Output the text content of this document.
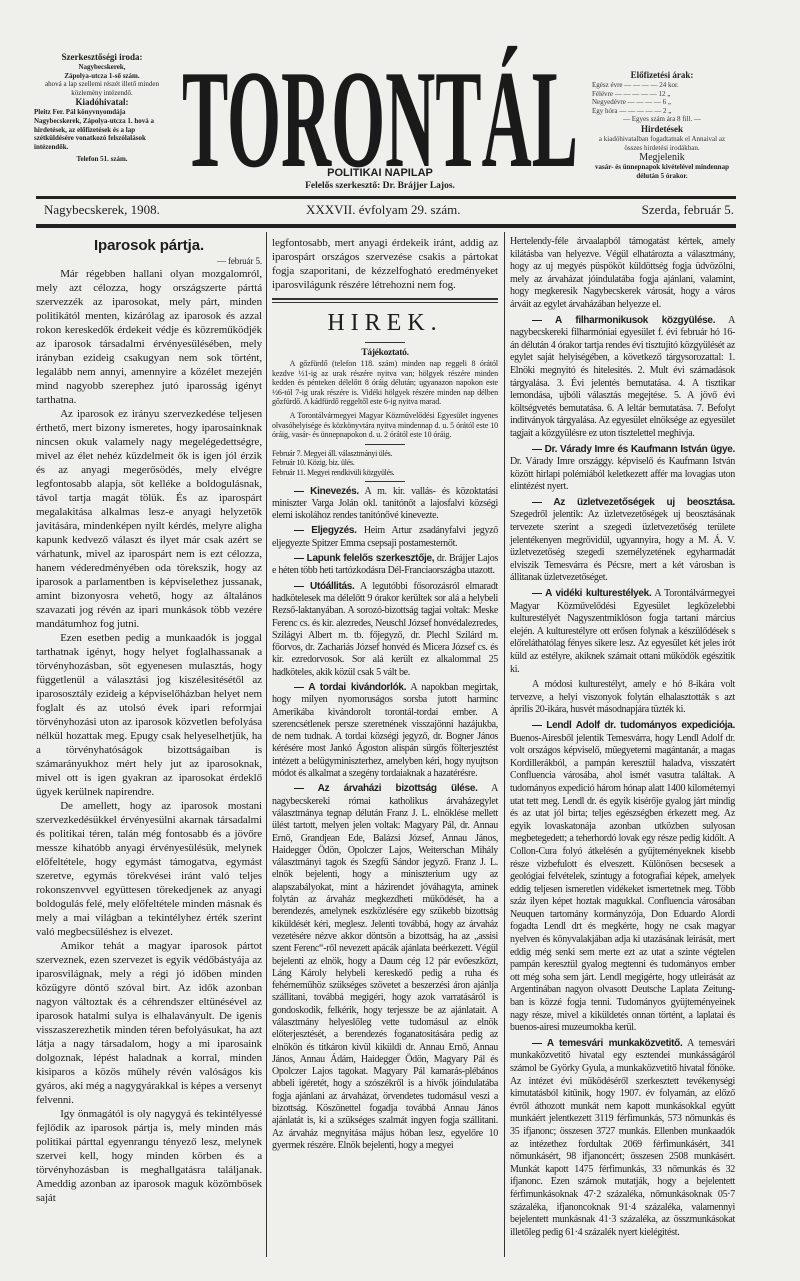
Szerkesztőségi iroda:
Nagybecskerek,
Zápolya-utcza 1-ső szám.
ahová a lap szellemi részét illető minden közlemény intézendő.
Kiadóhivatal:
Pleitz Fer. Pál könyvnyomdája Nagybecskerek, Zápolya-utcza 1. hová a hirdetések, az előfizetések és a lap szétküldésére vonatkozó felszólalások intézendők.
Telefon 51. szám. TORONTÁL
POLITIKAI NAPILAP
Felelős szerkesztő: Dr. Brájjer Lajos.
Előfizetési árak:
Egész évre — — — — 24 kor.
Félévre — — — — — 12 „
Negyedévre — — — — 6 „
Egy hóra — — — — — 2 „
— Egyes szám ára 8 fill. —
Hirdetések
a kiadóhivatalban fogadtatnak el Annaival az összes hirdetési irodákban.
Megjelenik
vasár- és ünnepnapok kivételével mindennap délután 5 órakor.
Nagybecskerek, 1908.	XXXVII. évfolyam 29. szám.	Szerda, február 5.
Iparosok pártja.
— február 5.

Már régebben hallani olyan mozgalomról, mely azt célozza, hogy országszerte párttá szervezzék az iparosokat, mely párt, minden politikától menten, kizárólag az iparosok és azzal rokon kereskedők érdekeit védje és közreműködjék az iparosok társadalmi érvényesülésében, mely irányban ezideig csakugyan nem sok történt, legalább nem annyi, amennyire a közélet mezején mind nagyobb szerephez jutó iparosság igényt tarthatna.

Az iparosok ez irányu szervezkedése teljesen érthető, mert bizony ismeretes, hogy iparosainknak nincsen okuk valamely nagy megelégedettségre, mivel az élet nehéz küzdelmeit ők is igen jól érzik és az anyagi megerősödés, mely elvégre legfontosabb alapja, söt kelléke a boldogulásnak, távol tartja magát tölük. És az iparospárt megalakitása alkalmas lesz-e anyagi helyzetök javitására, mindenképen nyilt kérdés, melyre aligha kapunk kedvező választ és ilyet már csak azért se várhatunk, mivel az iparospárt nem is ezt célozza, hanem véderedményében oda törekszik, hogy az iparosok a parlamentben is képviselethez jussanak, amint bizonyosra vehető, hogy az általános szavazati jog révén az ipari munkások több vezére mandátumhoz fog jutni.

Ezen esetben pedig a munkaadók is joggal tarthatnak igényt, hogy helyet foglalhassanak a törvényhozásban, söt egyenesen mulasztás, hogy függetlenül a választási jog kiszélesitésétől az iparososztály ezideig a képviselőházban helyet nem foglalt és az utolsó évek ipari reformjai törvényhozási uton az iparosok közvetlen befolyása nélkül hozattak meg. Epugy csak helyeselhetjük, ha a törvényhatóságok bizottságaiban is számarányukhoz mért hely jut az iparosoknak, mivel ott is igen gyakran az iparosokat érdeklő ügyek kerülnek napirendre.

De amellett, hogy az iparosok mostani szervezkedésükkel érvényesülni akarnak társadalmi és politikai téren, talán még fontosabb és a jövőre messze kihatóbb anyagi érvényesülésük, melynek előfeltétele, hogy egymást támogatva, egymást szeretve, egymás törekvései iránt való teljes rokonszenvvel együttesen törekedjenek az anyagi boldogulás felé, mely előfeltétele minden másnak és mely a mai világban a tekintélyhez érték szerint való megbecsüléshez is elvezet.

Amikor tehát a magyar iparosok pártot szerveznek, ezen szervezet is egyik védőbástyája az iparosvilágnak, mely a régi jó időben minden közügyre döntő szóval birt. Az idők azonban nagyon változtak és a céhrendszer eltünésével az iparosok hatalmi sulya is elhalaványult. De igenis visszaszerezhetik minden téren befolyásukat, ha azt látja a nagy társadalom, hogy a mi iparosaink dolgoznak, lépést haladnak a korral, minden kisiparos a közös műhely révén valóságos kis gyáros, aki még a nagygyárakkal is képes a versenyt felvenni.

Igy önmagától is oly nagygyá és tekintélyessé fejlődik az iparosok pártja is, mely minden más politikai párttal egyenrangu tényező lesz, melynek szervei kell, hogy minden körben és a törvényhozásban is meghallgatásra találjanak. Ameddig azonban az iparosok maguk közömbösek saját

legfontosabb, mert anyagi érdekeik iránt, addig az iparospárt országos szervezése csakis a pártokat fogja szaporitani, de kézzelfogható eredményeket iparosvilágunk részére létrehozni nem fog.

HIREK.
Tájékoztató.

A gőzfürdő (telefon 118. szám) minden nap reggeli 8 órától kezdve ½1-ig az urak részére nyitva van; hölgyek részére minden kedden és pénteken délelőtt 8 óráig délután; ugyanazon napokon este ½6-tól 7-ig urak részére is. Vidéki hölgyek részére minden nap délben gőzfürdő. A kádfürdő reggeltől este 6-ig nyitva marad.

A Torontálvármegyei Magyar Közművelődési Egyesület ingyenes olvasóhelyisége és közkönyvtára nyitva mindennap d. u. 5 órától este 10 óráig, vasár- és ünnepnapokon d. u. 2 órától este 10 óráig.

Február 7. Megyei áll. választmányi ülés.
Február 10. Közig. biz. ülés.
Február 11. Megyei rendkivüli közgyülés.

— Kinevezés. A m. kir. vallás- és közoktatási miniszter Varga Jolán okl. tanitónőt a lajosfalvi községi elemi iskolához rendes tanitónővé kinevezte.

— Eljegyzés. Heim Artur zsadányfalvi jegyző eljegyezte Spitzer Emma csepsaji postamesternőt.

— Lapunk felelős szerkesztője, dr. Brájjer Lajos e héten több heti tartózkodásra Dél-Franciaországba utazott.

— Utóállitás. A legutóbbi fősorozásról elmaradt hadkötelesek ma délelőtt 9 órakor kerültek sor alá a helybeli Rezső-laktanyában. A sorozó-bizottság tagjai voltak: Meske Ferenc cs. és kir. alezredes, Neuschl József honvédalezredes, Szilágyi Albert m. tb. főjegyző, dr. Plechl Szilárd m. főorvos, dr. Zachariás József honvéd és Micera József cs. és kir. ezredorvosok. Sor alá került ez alkalommal 25 hadköteles, akik közül csak 5 vált be.

— A tordai kivándorlók. A napokban megirtak, hogy milyen nyomoruságos sorsba jutott harminc Amerikába kivándorolt torontál-tordai ember. A szerencsétlenek persze szeretnének visszajönni hazájukba, de nem tudnak. A tordai községi jegyző, dr. Bogner János kérésére most Jankó Ágoston alispán sürgős fölterjesztést intézett a belügyminiszterhez, amelyben kéri, hogy nyujtson módot és alkalmat a szegény tordaiaknak a hazatérésre.

— Az árvaházi bizottság ülése. A nagybecskereki római katholikus árvaházegylet választmánya tegnap délután Franz J. L. elnöklése mellett ülést tartott, melyen jelen voltak: Magyary Pál, dr. Annau Ernő, Grandjean Ede, Balázsi József, Annau János, Haidegger Ödön, Opolczer Lajos, Weiterschan Mihály választmányi tagok és Szegfű Sándor jegyző. Franz J. L. elnök bejelenti, hogy a miniszterium ugy az alapszabályokat, mint a házirendet jóváhagyta, aminek folytán az árvaház megkezdheti működését, ha a berendezés, amelynek eszközlésére egy szükebb bizottság kiküldését kéri, meglesz. Jelenti továbbá, hogy az árvaház vezetésére nézve akkor döntsön a bizottság, ha az „assisi szent Ferenc“-ről nevezett apácák ajánlata beérkezett. Végül bejelenti az elnök, hogy a Daum cég 12 pár evőeszközt, Láng Károly helybeli kereskedő pedig a ruha és fehérneműhöz szükséges szövetet a beszerzési áron ajánlja szállitani, továbbá megigéri, hogy azok varratásáról is gondoskodik, felkérik, hogy terjessze be az ajánlatait. A választmány helyeslőleg vette tudomásul az elnök előterjesztését, a berendezés foganatositására pedig az elnökön és titkáron kivül kiküldi dr. Annau Ernő, Annau János, Annau Ádám, Haidegger Ödön, Magyary Pál és Opolczer Lajos tagokat. Magyary Pál kamarás-plébános abbeli igéretét, hogy a szószékről is a hivők jóindulatába fogja ajánlani az árvaházat, örvendetes tudomásul veszi a bizottság. Köszönettel fogadja továbbá Annau János ajánlatát is, ki a szükséges szalmát ingyen fogja szállitani. Az árvaház megnyitása május hóban lesz, egyelőre 10 gyermek részére. Elnök bejelenti, hogy a megyei

Hertelendy-féle árvaalapból támogatást kértek, amely kilátásba van helyezve. Végül elhatározta a választmány, hogy az uj megyés püspököt küldöttség fogja üdvözölni, mely az árvaházat jóindulatába fogja ajánlani, valamint, hogy megkeresik Nagybecskerek városát, hogy a város árváit az egylet árvaházában helyezze el.

— A filharmonikusok közgyülése. A nagybecskereki filharmóniai egyesület f. évi február hó 16-án délután 4 órakor tartja rendes évi tisztujitó közgyülését az egylet saját helyiségében, a következő tárgysorozattal: 1. Elnöki megnyitó és hitelesités. 2. Mult évi számadások tárgyalása. 3. Évi jelentés bemutatása. 4. A tisztikar lemondása, ujbóli választás megejtése. 5. A jövő évi költségvetés bemutatása. 6. A leltár bemutatása. 7. Befolyt inditványok tárgyalása. Az egyesület elnöksége az egyesület tagjait a közgyülésre ez uton tisztelettel meghivja.

— Dr. Várady Imre és Kaufmann István ügye. Dr. Várady Imre országgy. képviselő és Kaufmann István között hirlapi polémiából keletkezett affér ma lovagias uton elintézést nyert.

— Az üzletvezetőségek uj beosztása. Szegedről jelentik: Az üzletvezetőségek uj beosztásának tervezete szerint a szegedi üzletvezetőség területe jelentékenyen megrövidül, ugyannyira, hogy a M. Á. V. üzletvezetőség szegedi személyzetének egyharmadát elviszik Temesvárra és Pécsre, mert a két városban is állitanak üzletvezetőséget.

— A vidéki kulturestélyek. A Torontálvármegyei Magyar Közművelődési Egyesület legközelebbi kulturestélyét Nagyszentmiklóson fogja tartani március elején. A kulturestélyre ott erősen folynak a készülődések s előreláthatólag fényes sikere lesz. Az egyesület két jeles irót küld az estélyre, akiknek számait ottani működők egészitik ki.

A módosi kulturestélyt, amely e hó 8-ikára volt tervezve, a helyi viszonyok folytán elhalasztották s azt április 20-ikára, husvét másodnapjára tüzték ki.

— Lendl Adolf dr. tudományos expediciója. Buenos-Airesből jelentik Temesvárra, hogy Lendl Adolf dr. volt országos képviselő, műegyetemi magántanár, a magas Kordillerákból, a pampán keresztül haladva, visszatért Confluencia városába, ahol ismét vasutra találtak. A tudományos expedició három hónap alatt 1400 kilométernyi utat tett meg. Lendl dr. és egyik kisérője gyalog járt mindig és az utat jól birta; teljes egészségben érkezett meg. Az egyik lovaskatonája azonban utközben sulyosan megbetegedett; a teherhordó lovak egy része pedig kidőlt. A Collon-Cura folyó átkelésén a gyüjteményeknek kisebb része vizbefulott és elveszett. Különösen becsesek a geológiai felvételek, szintugy a fotografiai képek, amelyek eddig teljesen ismeretlen vidékeket ismertetnek meg. Több száz ilyen képet hoztak magukkal. Confluencia városában Neuquen tartomány kormányzója, Don Eduardo Alordi fogadta Lendl drt és megkérte, hogy ne csak magyar nyelven és könyvalakjában adja ki utazásának leirását, mert eddig még senki sem merte ezt az utat a szinte végtelen pampán keresztül gyalog megtenni és tudományos ember ott még soha sem járt. Lendl megigérte, hogy utleirását az Argentinában nagyon olvasott Deutsche Laplata Zeitung-ban is közzé fogja tenni. Tudományos gyüjteményeinek nagy része, mivel a kiküldetés onnan történt, a laplatai és buenos-airesi muzeumokba kerül.

— A temesvári munkaközvetitő. A temesvári munkaközvetitő hivatal egy esztendei munkásságáról számol be Györky Gyula, a munkaközvetitő hivatal főnöke. Az intézet évi működéséről szerkesztett tevékenységi kimutatásból kitűnik, hogy 1907. év folyamán, az előző évről áthozott munkát nem kapott munkásokkal együtt munkáért jelentkezett 3119 férfimunkás, 573 nőmunkás és 35 ifjanonc; összesen 3727 munkás. Ellenben munkaadók az intézethez fordultak 2069 férfimunkásért, 341 nőmunkásért, 98 ifjanoncért; összesen 2508 munkásért. Munkát kapott 1475 férfimunkás, 33 nőmunkás és 32 ifjanonc. Ezen számok mutatják, hogy a bejelentett férfimunkásoknak 47·2 százaléka, nőmunkásoknak 05·7 százaléka, ifjanoncoknak 91·4 százaléka, valamennyi bejelentett munkásnak 41·3 százaléka, az összmunkásokat illetőleg pedig 61·4 százalék nyert kielégitést.
